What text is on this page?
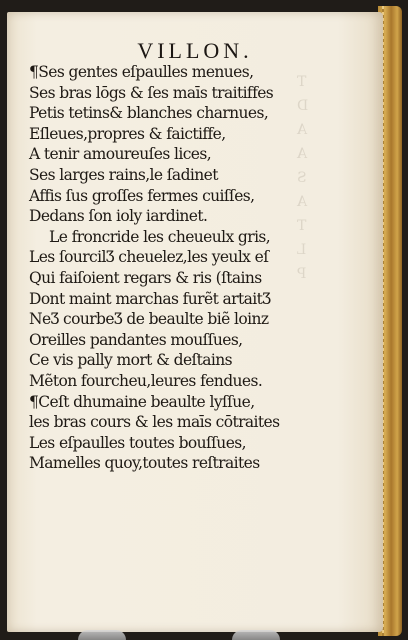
T
D
A
A
S
A
T
L
P
VILLON.
¶Ses gentes eſpaulles menues,
Ses bras lōgs & ſes maīs traitiffes
Petis tetins& blanches charnues,
Eſleues,propres & faictiffe,
A tenir amoureuſes lices,
Ses larges rains,le ſadinet
Affis ſus groſſes fermes cuiſſes,
Dedans ſon ioly iardinet.
Le froncride les cheueulx gris,
Les ſourcilƷ cheuelez,les yeulx eſ
Qui faiſoient regars & ris (ſtains
Dont maint marchas furẽt artaitƷ
NeƷ courbeƷ de beaulte biẽ loinz
Oreilles pandantes mouſſues,
Ce vis pally mort & deſtains
Mẽton fourcheu,leures fendues.
¶Ceſt dhumaine beaulte lyſſue,
les bras cours & les maīs cōtraites
Les eſpaulles toutes bouſſues,
Mamelles quoy,toutes reſtraites
